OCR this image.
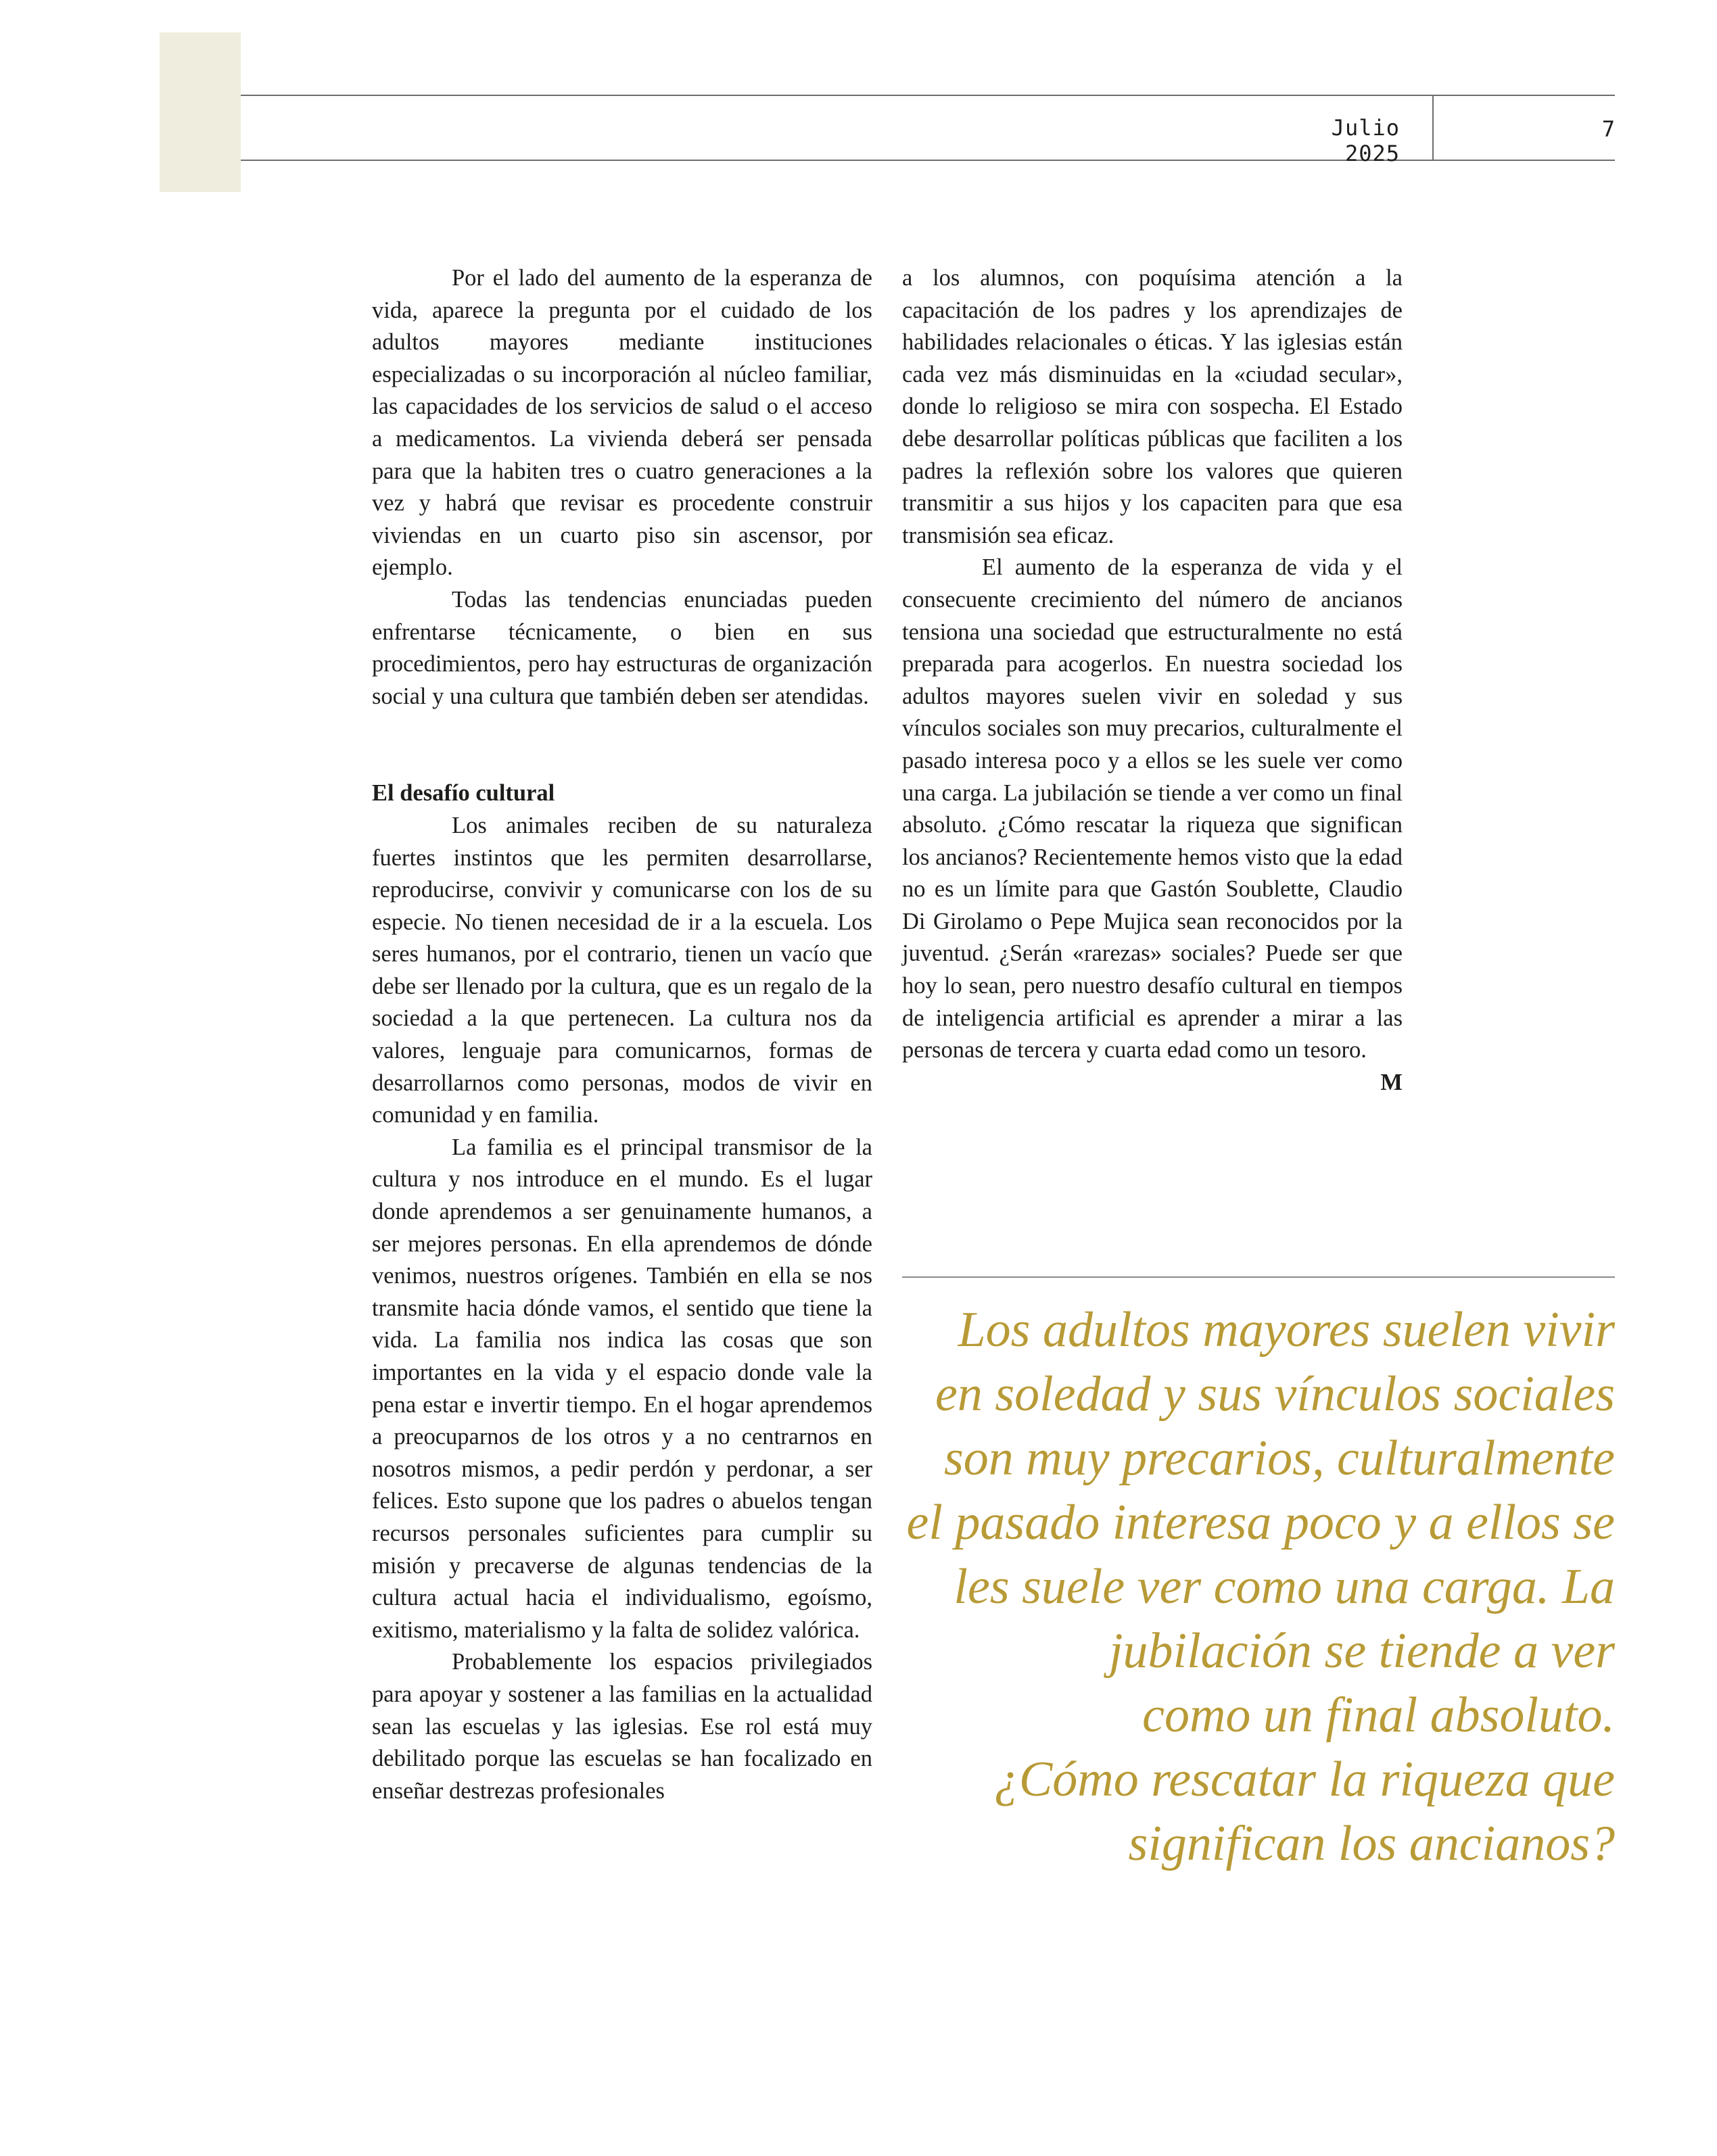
Julio 2025
7

Por el lado del aumento de la esperanza de vida, aparece la pregunta por el cuidado de los adultos mayores mediante instituciones especializadas o su incorporación al núcleo familiar, las capacidades de los servicios de salud o el acceso a medicamentos. La vivienda deberá ser pensada para que la habiten tres o cuatro generaciones a la vez y habrá que revisar es procedente construir viviendas en un cuarto piso sin ascensor, por ejemplo.

Todas las tendencias enunciadas pueden enfrentarse técnicamente, o bien en sus procedimientos, pero hay estructuras de organización social y una cultura que también deben ser atendidas.

El desafío cultural

Los animales reciben de su naturaleza fuertes instintos que les permiten desarrollarse, reproducirse, convivir y comunicarse con los de su especie. No tienen necesidad de ir a la escuela. Los seres humanos, por el contrario, tienen un vacío que debe ser llenado por la cultura, que es un regalo de la sociedad a la que pertenecen. La cultura nos da valores, lenguaje para comunicarnos, formas de desarrollarnos como personas, modos de vivir en comunidad y en familia.

La familia es el principal transmisor de la cultura y nos introduce en el mundo. Es el lugar donde aprendemos a ser genuinamente humanos, a ser mejores personas. En ella aprendemos de dónde venimos, nuestros orígenes. También en ella se nos transmite hacia dónde vamos, el sentido que tiene la vida. La familia nos indica las cosas que son importantes en la vida y el espacio donde vale la pena estar e invertir tiempo. En el hogar aprendemos a preocuparnos de los otros y a no centrarnos en nosotros mismos, a pedir perdón y perdonar, a ser felices. Esto supone que los padres o abuelos tengan recursos personales suficientes para cumplir su misión y precaverse de algunas tendencias de la cultura actual hacia el individualismo, egoísmo, exitismo, materialismo y la falta de solidez valórica.

Probablemente los espacios privilegiados para apoyar y sostener a las familias en la actualidad sean las escuelas y las iglesias. Ese rol está muy debilitado porque las escuelas se han focalizado en enseñar destrezas profesionales

a los alumnos, con poquísima atención a la capacitación de los padres y los aprendizajes de habilidades relacionales o éticas. Y las iglesias están cada vez más disminuidas en la «ciudad secular», donde lo religioso se mira con sospecha. El Estado debe desarrollar políticas públicas que faciliten a los padres la reflexión sobre los valores que quieren transmitir a sus hijos y los capaciten para que esa transmisión sea eficaz.

El aumento de la esperanza de vida y el consecuente crecimiento del número de ancianos tensiona una sociedad que estructuralmente no está preparada para acogerlos. En nuestra sociedad los adultos mayores suelen vivir en soledad y sus vínculos sociales son muy precarios, culturalmente el pasado interesa poco y a ellos se les suele ver como una carga. La jubilación se tiende a ver como un final absoluto. ¿Cómo rescatar la riqueza que significan los ancianos? Recientemente hemos visto que la edad no es un límite para que Gastón Soublette, Claudio Di Girolamo o Pepe Mujica sean reconocidos por la juventud. ¿Serán «rarezas» sociales? Puede ser que hoy lo sean, pero nuestro desafío cultural en tiempos de inteligencia artificial es aprender a mirar a las personas de tercera y cuarta edad como un tesoro.
M

Los adultos mayores suelen vivir
en soledad y sus vínculos sociales
son muy precarios, culturalmente
el pasado interesa poco y a ellos se
les suele ver como una carga. La
jubilación se tiende a ver
como un final absoluto.
¿Cómo rescatar la riqueza que
significan los ancianos?
